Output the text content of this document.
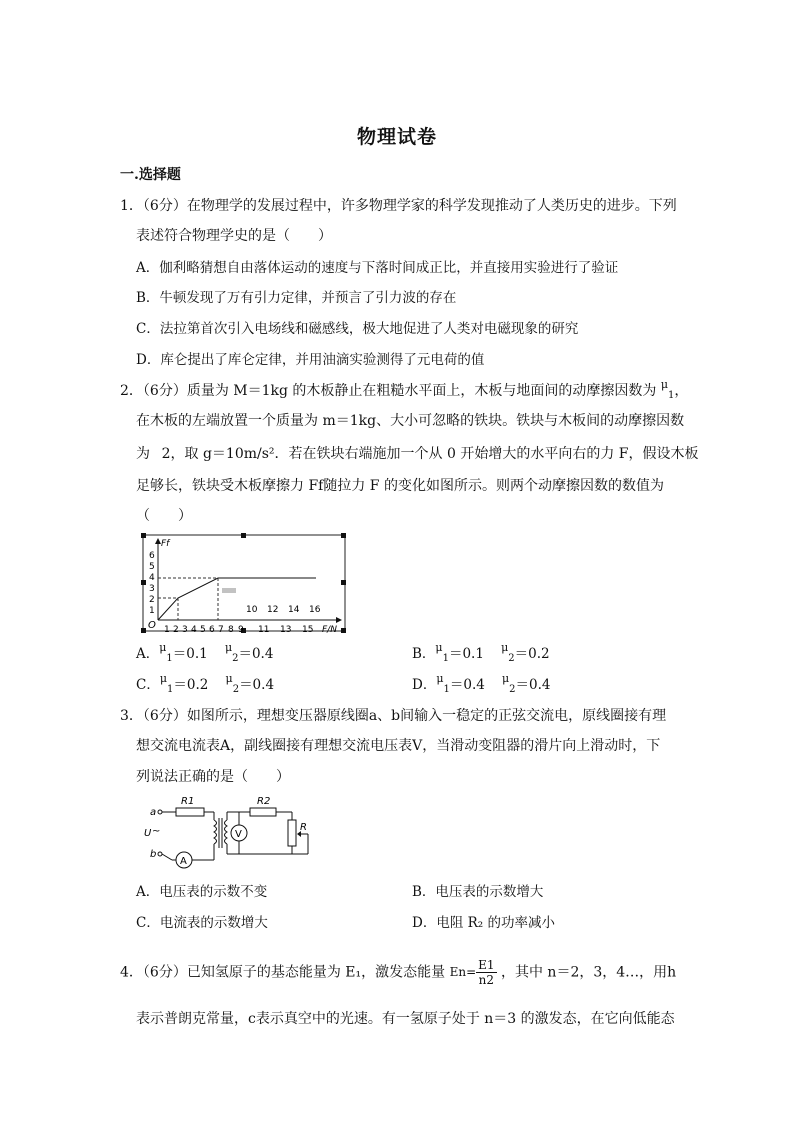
物理试卷
一.选择题
1．（6分）在物理学的发展过程中，许多物理学家的科学发现推动了人类历史的进步。下列
表述符合物理学史的是（　　）
A．伽利略猜想自由落体运动的速度与下落时间成正比，并直接用实验进行了验证
B．牛顿发现了万有引力定律，并预言了引力波的存在
C．法拉第首次引入电场线和磁感线，极大地促进了人类对电磁现象的研究
D．库仑提出了库仑定律，并用油滴实验测得了元电荷的值
2．（6分）质量为 M＝1kg 的木板静止在粗糙水平面上，木板与地面间的动摩擦因数为 μ1，
在木板的左端放置一个质量为 m＝1kg、大小可忽略的铁块。铁块与木板间的动摩擦因数
为 2，取 g＝10m/s²．若在铁块右端施加一个从 0 开始增大的水平向右的力 F，假设木板
足够长，铁块受木板摩擦力 Ff随拉力 F 的变化如图所示。则两个动摩擦因数的数值为
（　　）
Ff
O	F/N
1
2
3
4
5
6
1 2 3 4 5 6 7 8 9 11 13 15
10 12 14 16
A．μ1＝0.1 μ2＝0.4	B．μ1＝0.1 μ2＝0.2
C．μ1＝0.2 μ2＝0.4	D．μ1＝0.4 μ2＝0.4
3．（6分）如图所示，理想变压器原线圈a、b间输入一稳定的正弦交流电，原线圈接有理
想交流电流表A，副线圈接有理想交流电压表V，当滑动变阻器的滑片向上滑动时，下
列说法正确的是（　　）
A
V
R1	R2
R
a
b
U ~
A．电压表的示数不变	B．电压表的示数增大
C．电流表的示数增大	D．电阻 R₂ 的功率减小
4．（6分）已知氢原子的基态能量为 E₁，激发态能量 $En= \frac{E1}{n2}$ ，其中 n＝2，3，4…，用h
表示普朗克常量，c表示真空中的光速。有一氢原子处于 n＝3 的激发态，在它向低能态
